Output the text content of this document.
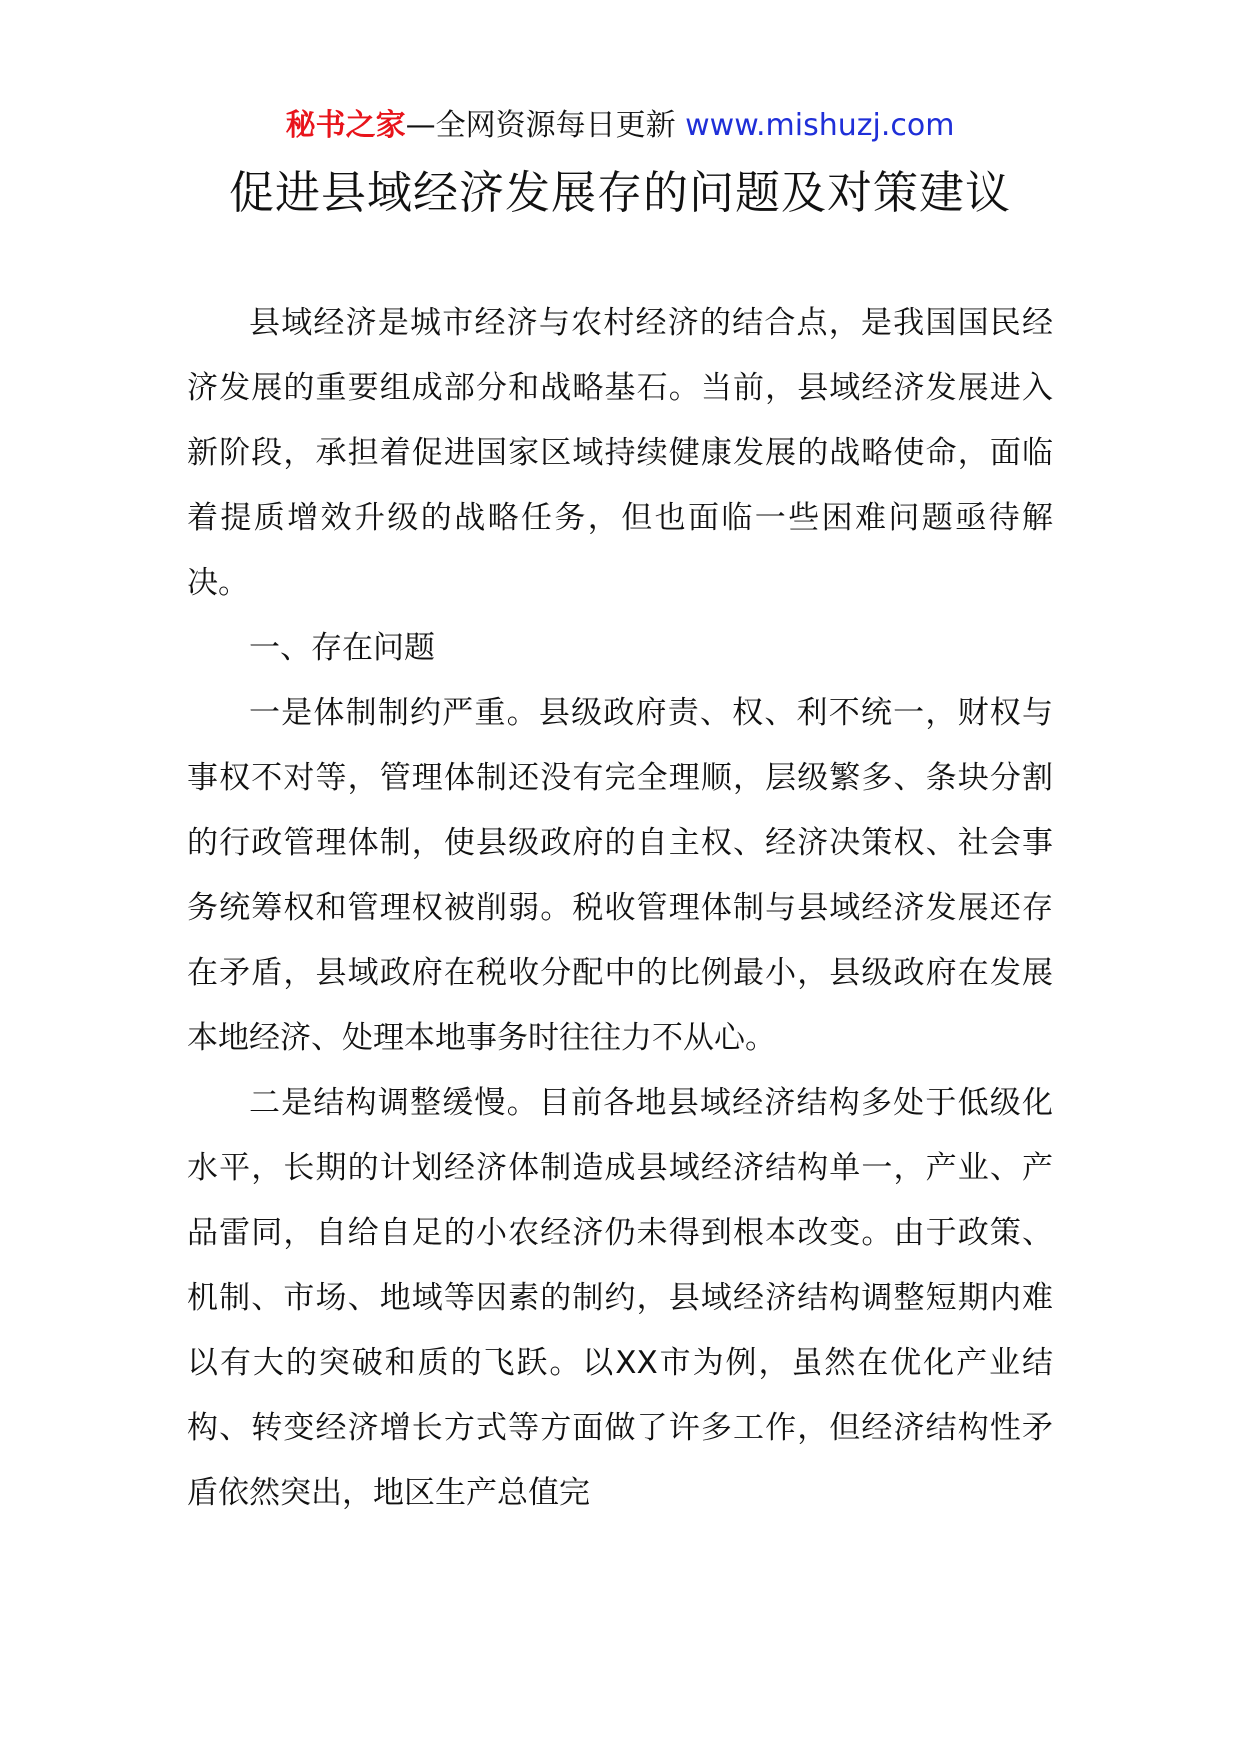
秘书之家—全网资源每日更新 www.mishuzj.com
促进县域经济发展存的问题及对策建议

县域经济是城市经济与农村经济的结合点，是我国国民经济发展的重要组成部分和战略基石。当前，县域经济发展进入新阶段，承担着促进国家区域持续健康发展的战略使命，面临着提质增效升级的战略任务，但也面临一些困难问题亟待解决。

一、存在问题

一是体制制约严重。县级政府责、权、利不统一，财权与事权不对等，管理体制还没有完全理顺，层级繁多、条块分割的行政管理体制，使县级政府的自主权、经济决策权、社会事务统筹权和管理权被削弱。税收管理体制与县域经济发展还存在矛盾，县域政府在税收分配中的比例最小，县级政府在发展本地经济、处理本地事务时往往力不从心。

二是结构调整缓慢。目前各地县域经济结构多处于低级化水平，长期的计划经济体制造成县域经济结构单一，产业、产品雷同，自给自足的小农经济仍未得到根本改变。由于政策、机制、市场、地域等因素的制约，县域经济结构调整短期内难以有大的突破和质的飞跃。以XX市为例，虽然在优化产业结构、转变经济增长方式等方面做了许多工作，但经济结构性矛盾依然突出，地区生产总值完
